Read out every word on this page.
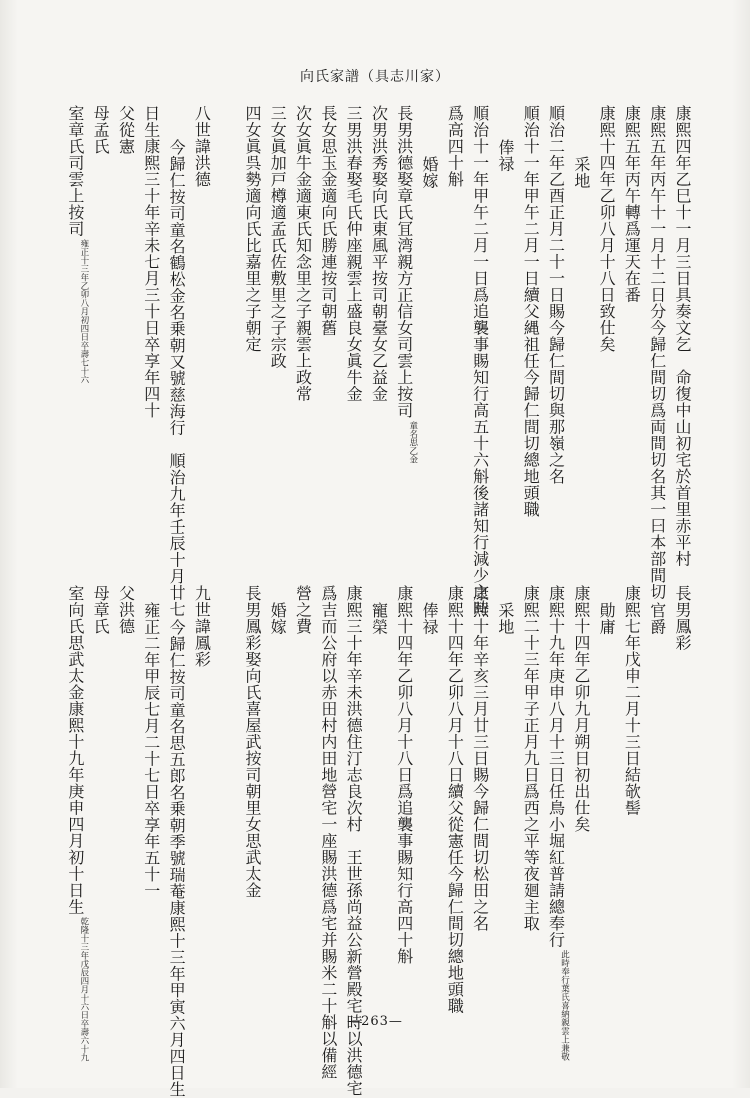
向氏家譜（具志川家）
康熙四年乙巳十一月三日具奏文乞　命復中山初宅於首里赤平村
康熙五年丙午十一月十二日分今歸仁間切爲両間切名其一曰本部間切
康熙五年丙午轉爲運天在番
康熙十四年乙卯八月十八日致仕矣
采地
順治二年乙酉正月二十一日賜今歸仁間切與那嶺之名
順治十一年甲午二月一日續父縄祖任今歸仁間切總地頭職
俸禄
順治十一年甲午二月一日爲追襲事賜知行高五十六斛後諸知行減少之時
爲高四十斛
婚嫁
長男洪德娶章氏冝湾親方正信女司雲上按司童名思乙金
次男洪秀娶向氏東風平按司朝臺女乙益金
三男洪春娶毛氏仲座親雲上盛良女眞牛金
長女思玉金適向氏勝連按司朝舊
次女眞牛金適東氏知念里之子親雲上政常
三女眞加戸樽適孟氏佐敷里之子宗政
四女眞呉勢適向氏比嘉里之子朝定
八世諱洪德
今歸仁按司童名鶴松金名乗朝又號慈海行　順治九年壬辰十月廿七
日生康熙三十年辛未七月三十日卒享年四十
父從憲
母孟氏
室章氏司雲上按司雍正十三年乙卯八月初四日卒壽七十六
長男鳳彩
官爵
康熙七年戊申二月十三日結欹髻
勛庸
康熙十四年乙卯九月朔日初出仕矣
康熙十九年庚申八月十三日任鳥小堀紅普請總奉行此時奉行葉氏喜納親雲上兼敬
康熙二十三年甲子正月九日爲西之平等夜廻主取
采地
康熙十年辛亥三月廿三日賜今歸仁間切松田之名
康熙十四年乙卯八月十八日續父從憲任今歸仁間切總地頭職
俸禄
康熙十四年乙卯八月十八日爲追襲事賜知行高四十斛
寵榮
康熙三十年辛未洪德住汀志良次村　王世孫尚益公新營殿宅時以洪德宅
爲吉而公府以赤田村内田地營宅一座賜洪德爲宅并賜米二十斛以備經
營之費
婚嫁
長男鳳彩娶向氏喜屋武按司朝里女思武太金
九世諱鳳彩
今歸仁按司童名思五郎名乗朝季號瑞菴康熙十三年甲寅六月四日生
雍正二年甲辰七月二十七日卒享年五十一
父洪德
母章氏
室向氏思武太金康熙十九年庚申四月初十日生乾隆十三年戊辰四月十六日卒壽六十九	—263—
